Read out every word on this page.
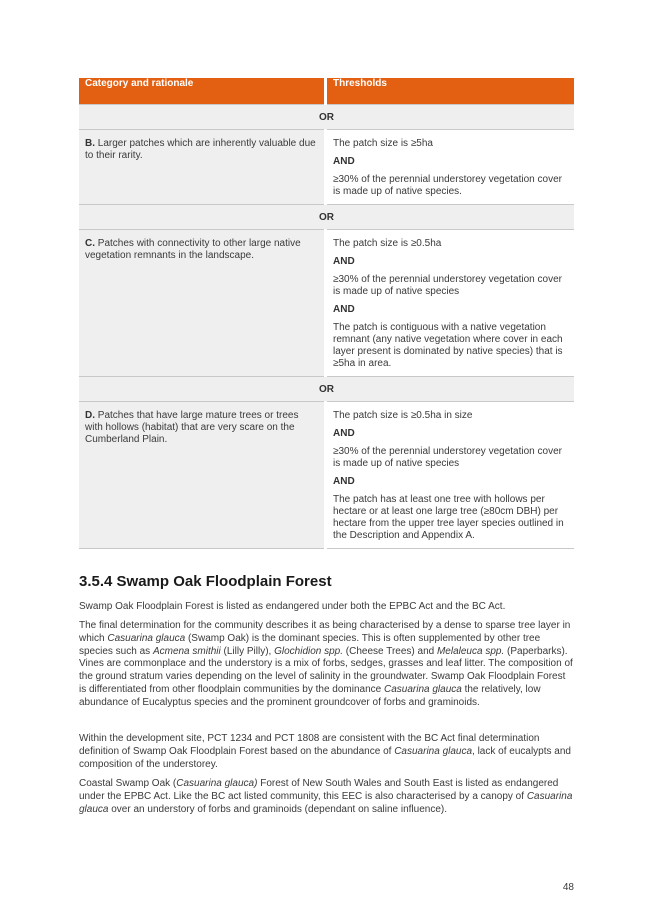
Category and rationale	Thresholds
OR	
B. Larger patches which are inherently valuable due to their rarity.	The patch size is ≥5ha

AND

≥30% of the perennial understorey vegetation cover is made up of native species.

OR	
C. Patches with connectivity to other large native vegetation remnants in the landscape.	The patch size is ≥0.5ha

AND

≥30% of the perennial understorey vegetation cover is made up of native species

AND

The patch is contiguous with a native vegetation remnant (any native vegetation where cover in each layer present is dominated by native species) that is ≥5ha in area.

OR	
D. Patches that have large mature trees or trees with hollows (habitat) that are very scare on the Cumberland Plain.	The patch size is ≥0.5ha in size

AND

≥30% of the perennial understorey vegetation cover is made up of native species

AND

The patch has at least one tree with hollows per hectare or at least one large tree (≥80cm DBH) per hectare from the upper tree layer species outlined in the Description and Appendix A.

3.5.4 Swamp Oak Floodplain Forest

Swamp Oak Floodplain Forest is listed as endangered under both the EPBC Act and the BC Act.

The final determination for the community describes it as being characterised by a dense to sparse tree layer in which Casuarina glauca (Swamp Oak) is the dominant species. This is often supplemented by other tree species such as Acmena smithii (Lilly Pilly), Glochidion spp. (Cheese Trees) and Melaleuca spp. (Paperbarks). Vines are commonplace and the understory is a mix of forbs, sedges, grasses and leaf litter. The composition of the ground stratum varies depending on the level of salinity in the groundwater. Swamp Oak Floodplain Forest is differentiated from other floodplain communities by the dominance Casuarina glauca the relatively, low abundance of Eucalyptus species and the prominent groundcover of forbs and graminoids.

Within the development site, PCT 1234 and PCT 1808 are consistent with the BC Act final determination definition of Swamp Oak Floodplain Forest based on the abundance of Casuarina glauca, lack of eucalypts and composition of the understorey.

Coastal Swamp Oak (Casuarina glauca) Forest of New South Wales and South East is listed as endangered under the EPBC Act. Like the BC act listed community, this EEC is also characterised by a canopy of Casuarina glauca over an understory of forbs and graminoids (dependant on saline influence).

48
